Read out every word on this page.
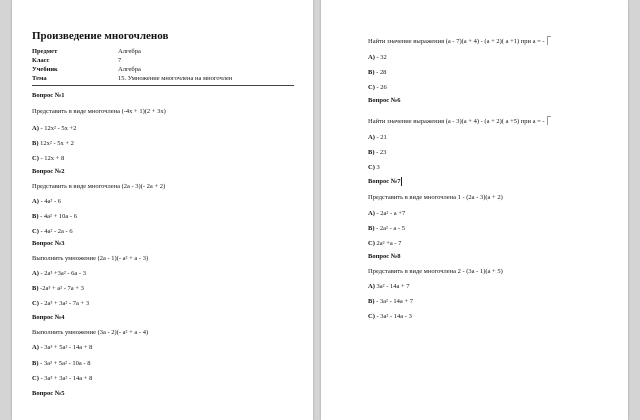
Произведение многочленов
Предмет	Алгебра
Класс	7
Учебник	Алгебра
Тема	15. Умножение многочлена на многочлен
Вопрос №1
Представить в виде многочлена (-4x + 1)(2 + 3x)
A) - 12x² - 5x +2
B) 12x² - 5x + 2
C) - 12x + 8
Вопрос №2
Представить в виде многочлена (2a - 3)(- 2a + 2)
A) - 4a² - 6
B) - 4a² + 10a - 6
C) - 4a² - 2a - 6
Вопрос №3
Выполнить умножение (2a - 1)(- a² + a - 3)
A) - 2a³ +3a² - 6a - 3
B) -2a³ + a² - 7a + 3
C) - 2a³ + 3a² - 7a + 3
Вопрос №4
Выполнить умножение (3a - 2)(- a² + a - 4)
A) - 3a³ + 5a² - 14a + 8
B) - 3a³ + 5a² - 10a - 8
C) - 3a³ + 3a² - 14a + 8
Вопрос №5
Найти значение выражения (a - 7)(a + 4) - (a + 2)( a +1) при a = -
A) - 32
B) - 28
C) - 26
Вопрос №6
Найти значение выражения (a - 3)(a + 4) - (a + 2)( a +5) при a = -
A) - 21
B) - 23
C) 3
Вопрос №7
Представить в виде многочлена 1 - (2a - 3)(a + 2)
A) - 2a² - a +7
B) - 2a² - a - 5
C) 2a² +a - 7
Вопрос №8
Представить в виде многочлена 2 - (3a - 1)(a + 5)
A) 3a² - 14a + 7
B) - 3a² - 14a + 7
C) - 3a² - 14a - 3
